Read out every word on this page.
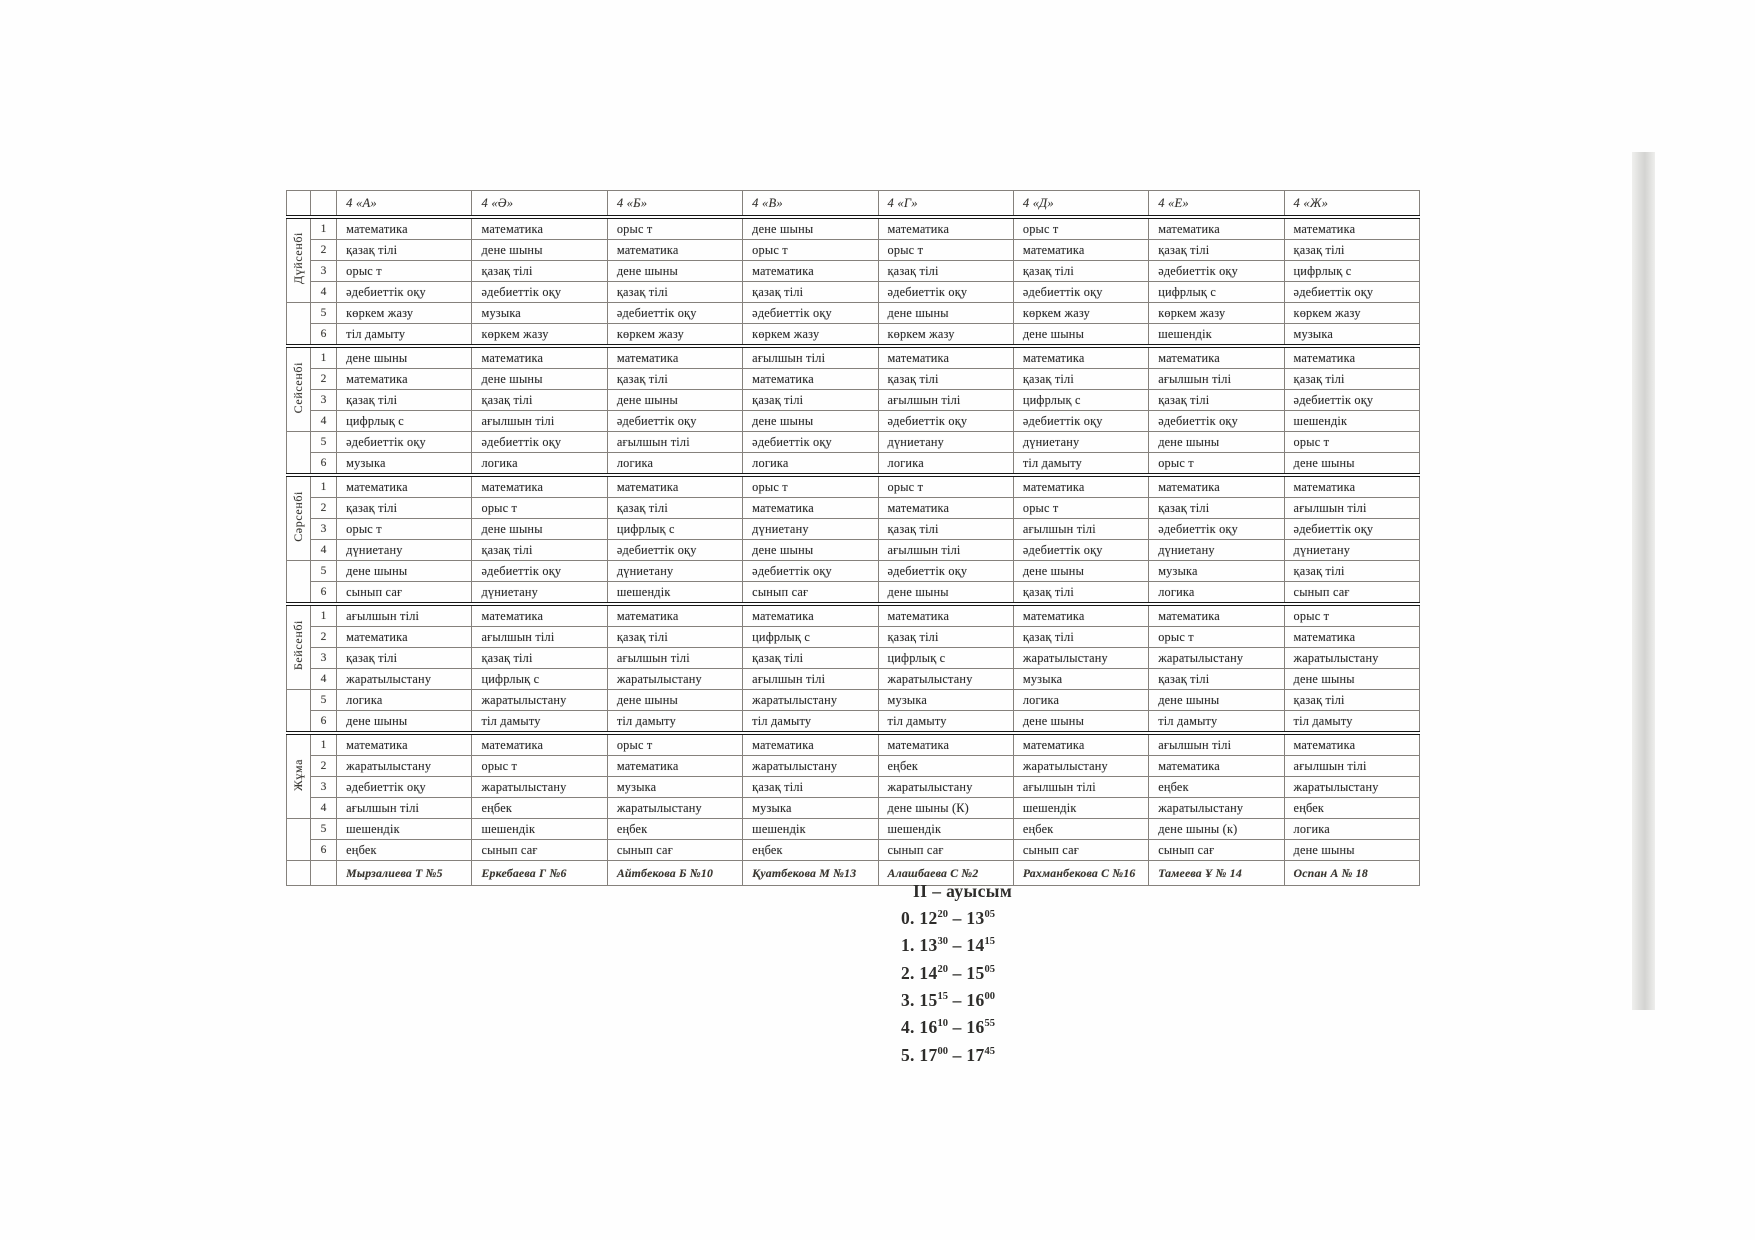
		4 «А»	4 «Ә»	4 «Б»	4 «В»	4 «Г»	4 «Д»	4 «Е»	4 «Ж»
Дүйсенбі	1	математика	математика	орыс т	дене шыны	математика	орыс т	математика	математика
	2	қазақ тілі	дене шыны	математика	орыс т	орыс т	математика	қазақ тілі	қазақ тілі
	3	орыс т	қазақ тілі	дене шыны	математика	қазақ тілі	қазақ тілі	әдебиеттік оқу	цифрлық с
	4	әдебиеттік оқу	әдебиеттік оқу	қазақ тілі	қазақ тілі	әдебиеттік оқу	әдебиеттік оқу	цифрлық с	әдебиеттік оқу
	5	көркем жазу	музыка	әдебиеттік оқу	әдебиеттік оқу	дене шыны	көркем жазу	көркем жазу	көркем жазу
	6	тіл дамыту	көркем жазу	көркем жазу	көркем жазу	көркем жазу	дене шыны	шешендік	музыка
Сейсенбі	1	дене шыны	математика	математика	ағылшын тілі	математика	математика	математика	математика
	2	математика	дене шыны	қазақ тілі	математика	қазақ тілі	қазақ тілі	ағылшын тілі	қазақ тілі
	3	қазақ тілі	қазақ тілі	дене шыны	қазақ тілі	ағылшын тілі	цифрлық с	қазақ тілі	әдебиеттік оқу
	4	цифрлық с	ағылшын тілі	әдебиеттік оқу	дене шыны	әдебиеттік оқу	әдебиеттік оқу	әдебиеттік оқу	шешендік
	5	әдебиеттік оқу	әдебиеттік оқу	ағылшын тілі	әдебиеттік оқу	дүниетану	дүниетану	дене шыны	орыс т
	6	музыка	логика	логика	логика	логика	тіл дамыту	орыс т	дене шыны
Сәрсенбі	1	математика	математика	математика	орыс т	орыс т	математика	математика	математика
	2	қазақ тілі	орыс т	қазақ тілі	математика	математика	орыс т	қазақ тілі	ағылшын тілі
	3	орыс т	дене шыны	цифрлық с	дүниетану	қазақ тілі	ағылшын тілі	әдебиеттік оқу	әдебиеттік оқу
	4	дүниетану	қазақ тілі	әдебиеттік оқу	дене шыны	ағылшын тілі	әдебиеттік оқу	дүниетану	дүниетану
	5	дене шыны	әдебиеттік оқу	дүниетану	әдебиеттік оқу	әдебиеттік оқу	дене шыны	музыка	қазақ тілі
	6	сынып сағ	дүниетану	шешендік	сынып сағ	дене шыны	қазақ тілі	логика	сынып сағ
Бейсенбі	1	ағылшын тілі	математика	математика	математика	математика	математика	математика	орыс т
	2	математика	ағылшын тілі	қазақ тілі	цифрлық с	қазақ тілі	қазақ тілі	орыс т	математика
	3	қазақ тілі	қазақ тілі	ағылшын тілі	қазақ тілі	цифрлық с	жаратылыстану	жаратылыстану	жаратылыстану
	4	жаратылыстану	цифрлық с	жаратылыстану	ағылшын тілі	жаратылыстану	музыка	қазақ тілі	дене шыны
	5	логика	жаратылыстану	дене шыны	жаратылыстану	музыка	логика	дене шыны	қазақ тілі
	6	дене шыны	тіл дамыту	тіл дамыту	тіл дамыту	тіл дамыту	дене шыны	тіл дамыту	тіл дамыту
Жұма	1	математика	математика	орыс т	математика	математика	математика	ағылшын тілі	математика
	2	жаратылыстану	орыс т	математика	жаратылыстану	еңбек	жаратылыстану	математика	ағылшын тілі
	3	әдебиеттік оқу	жаратылыстану	музыка	қазақ тілі	жаратылыстану	ағылшын тілі	еңбек	жаратылыстану
	4	ағылшын тілі	еңбек	жаратылыстану	музыка	дене шыны (К)	шешендік	жаратылыстану	еңбек
	5	шешендік	шешендік	еңбек	шешендік	шешендік	еңбек	дене шыны (к)	логика
	6	еңбек	сынып сағ	сынып сағ	еңбек	сынып сағ	сынып сағ	сынып сағ	дене шыны
		Мырзалиева Т №5	Еркебаева Г №6	Айтбекова Б №10	Қуатбекова М №13	Алашбаева С №2	Рахманбекова С №16	Тамеева Ұ № 14	Оспан А № 18
ІІ – ауысым
0. $12^{20} - 13^{05}$
1. $13^{30} - 14^{15}$
2. $14^{20} - 15^{05}$
3. $15^{15} - 16^{00}$
4. $16^{10} - 16^{55}$
5. $17^{00} - 17^{45}$
